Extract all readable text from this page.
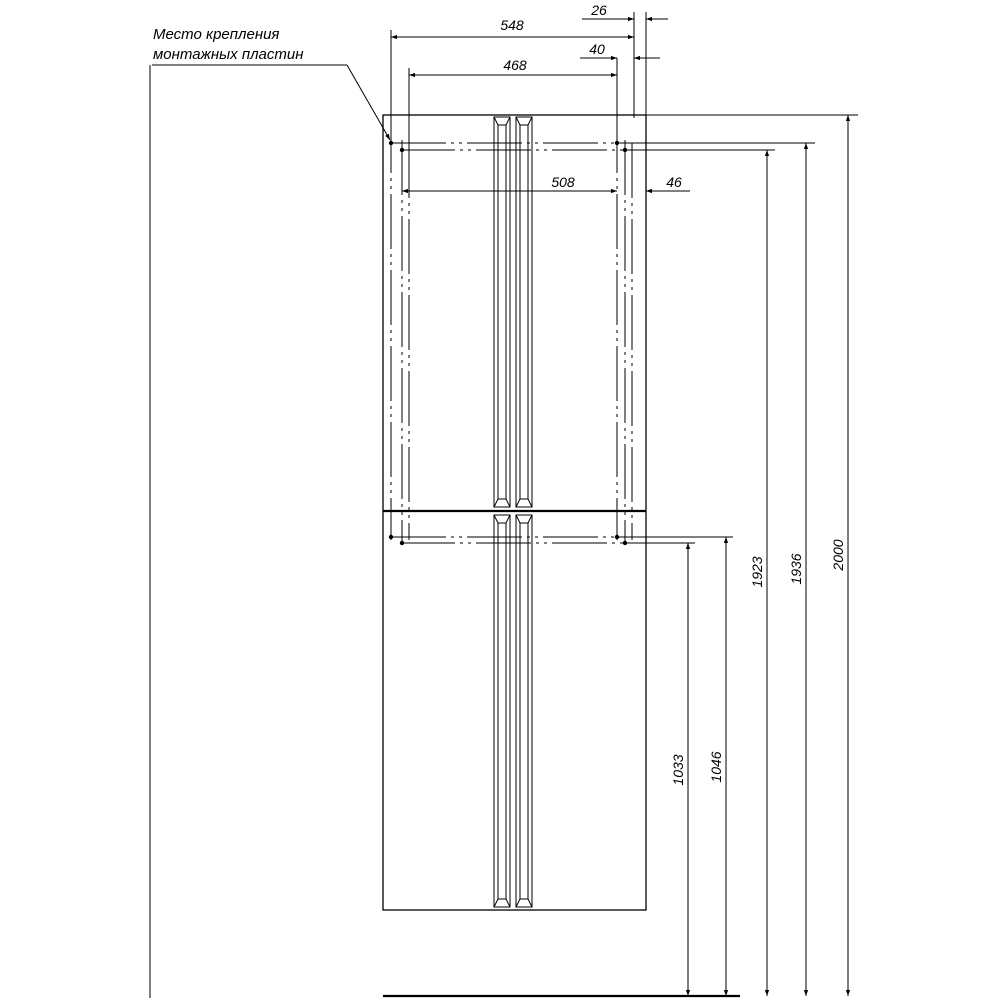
Место крепления
монтажных пластин
548
26
468
40
508	46
2000
1936
1923
1046
1033
